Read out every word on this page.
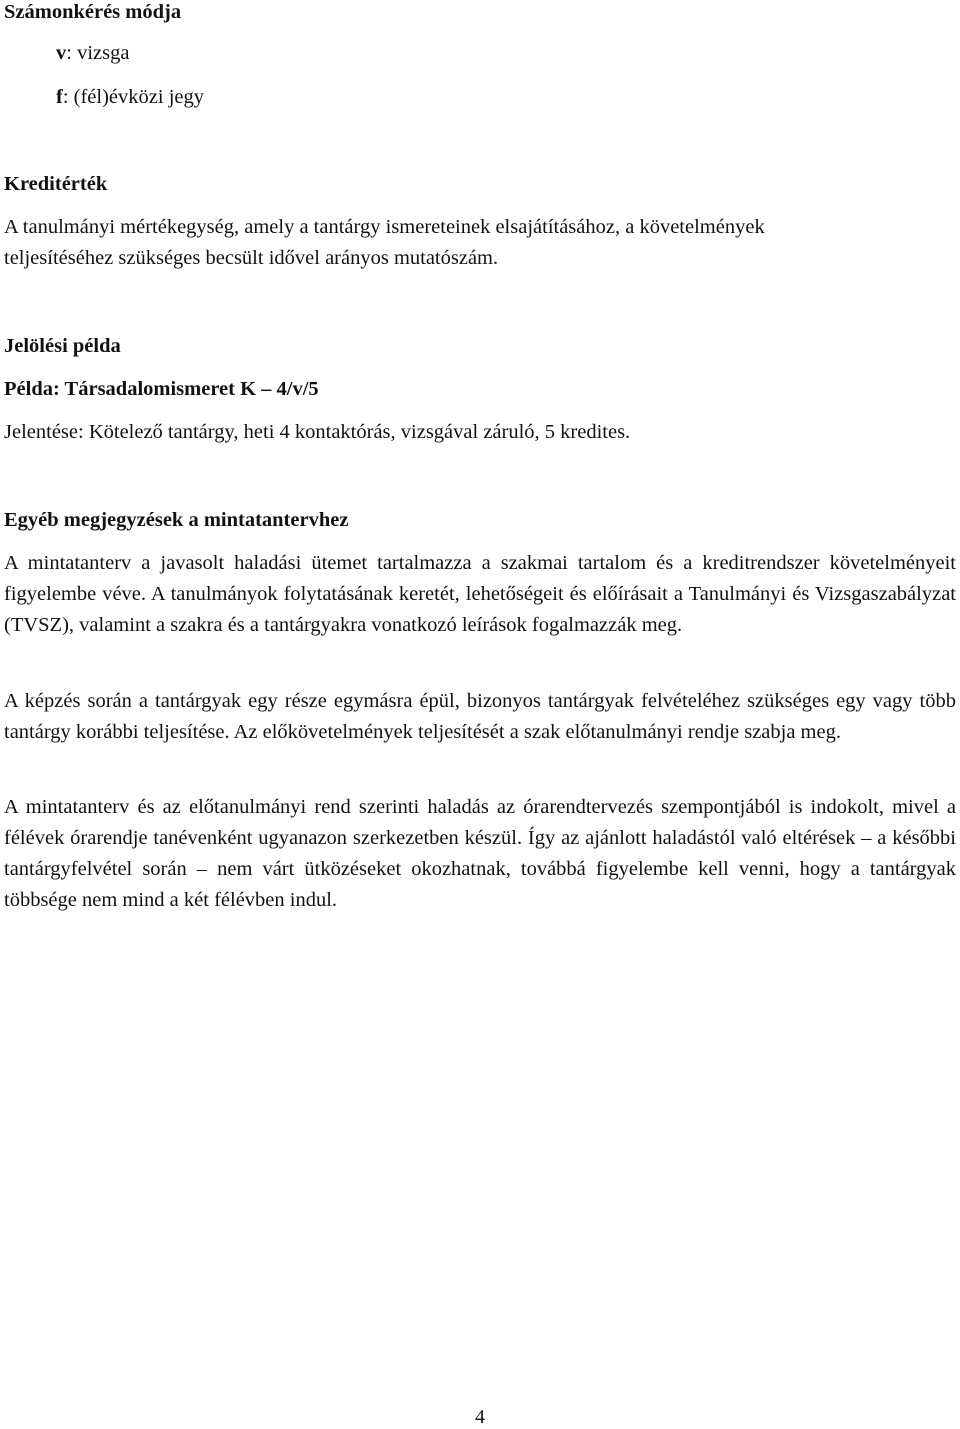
Számonkérés módja

v: vizsga

f: (fél)évközi jegy

Kreditérték

A tanulmányi mértékegység, amely a tantárgy ismereteinek elsajátításához, a követelmények

teljesítéséhez szükséges becsült idővel arányos mutatószám.

Jelölési példa

Példa: Társadalomismeret K – 4/v/5

Jelentése: Kötelező tantárgy, heti 4 kontaktórás, vizsgával záruló, 5 kredites.

Egyéb megjegyzések a mintatantervhez

A mintatanterv a javasolt haladási ütemet tartalmazza a szakmai tartalom és a kreditrendszer követelményeit figyelembe véve. A tanulmányok folytatásának keretét, lehetőségeit és előírásait a Tanulmányi és Vizsgaszabályzat (TVSZ), valamint a szakra és a tantárgyakra vonatkozó leírások fogalmazzák meg.

A képzés során a tantárgyak egy része egymásra épül, bizonyos tantárgyak felvételéhez szükséges egy vagy több tantárgy korábbi teljesítése. Az előkövetelmények teljesítését a szak előtanulmányi rendje szabja meg.

A mintatanterv és az előtanulmányi rend szerinti haladás az órarendtervezés szempontjából is indokolt, mivel a félévek órarendje tanévenként ugyanazon szerkezetben készül. Így az ajánlott haladástól való eltérések – a későbbi tantárgyfelvétel során – nem várt ütközéseket okozhatnak, továbbá figyelembe kell venni, hogy a tantárgyak többsége nem mind a két félévben indul.

4
